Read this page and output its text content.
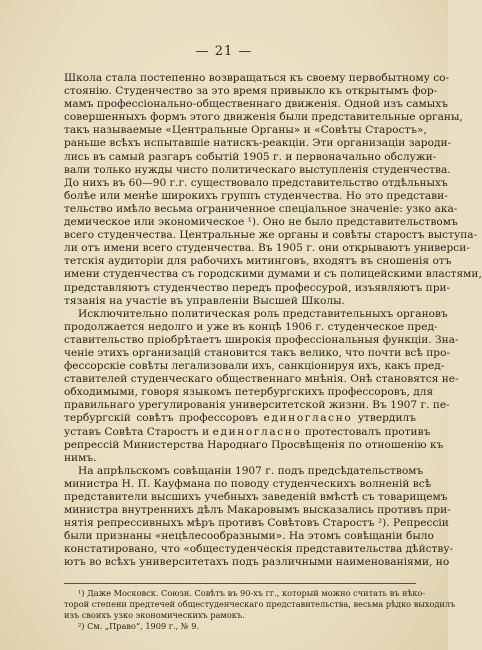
— 21 —
Школа стала постепенно возвращаться къ своему первобытному со-
стоянію. Студенчество за это время привыкло къ открытымъ фор-
мамъ профессіонально-общественнаго движенія. Одной изъ самыхъ
совершенныхъ формъ этого движенія были представительные органы,
такъ называемые «Центральные Органы» и «Совѣты Старостъ»,
раньше всѣхъ испытавшіе натискъ-реакціи. Эти организаціи зароди-
лись въ самый разгаръ событій 1905 г. и первоначально обслужи-
вали только нужды чисто политическаго выступленія студенчества.
До нихъ въ 60—90 г.г. существовало представительство отдѣльныхъ
болѣе или менѣе широкихъ группъ студенчества. Но это представи-
тельство имѣло весьма ограниченное спеціальное значеніе: узко ака-
демическое или экономическое ¹). Оно не было представительствомъ
всего студенчества. Центральные же органы и совѣты старостъ выступа-
ли отъ имени всего студенчества. Въ 1905 г. они открываютъ универси-
тетскія аудиторіи для рабочихъ митинговъ, входятъ въ сношенія отъ
имени студенчества съ городскими думами и съ полицейскими властями,
представляютъ студенчество передъ профессурой, изъявляютъ при-
тязанія на участіе въ управленіи Высшей Школы.
Исключительно политическая роль представительныхъ органовъ
продолжается недолго и уже въ концѣ 1906 г. студенческое пред-
ставительство пріобрѣтаетъ широкія профессіональныя функціи. Зна-
ченіе этихъ организацій становится такъ велико, что почти всѣ про-
фессорскіе совѣты легализовали ихъ, санкціонируя ихъ, какъ пред-
ставителей студенческаго общественнаго мнѣнія. Онѣ становятся не-
обходимыми, говоря языкомъ петербургскихъ профессоровъ, для
правильнаго урегулированія университетской жизни. Въ 1907 г. пе-
тербургскій совѣтъ профессоровъ единогласно утвердилъ
уставъ Совѣта Старостъ и единогласно протестовалъ противъ
репрессій Министерства Народнаго Просвѣщенія по отношенію къ
нимъ.
На апрѣльскомъ совѣщаніи 1907 г. подъ предсѣдательствомъ
министра Н. П. Кауфмана по поводу студенческихъ волненій всѣ
представители высшихъ учебныхъ заведеній вмѣстѣ съ товарищемъ
министра внутреннихъ дѣлъ Макаровымъ высказались противъ при-
нятія репрессивныхъ мѣръ противъ Совѣтовъ Старостъ ²). Репрессіи
были признаны «нецѣлесообразными». На этомъ совѣщаніи было
констатировано, что «общестуденческія представительства дѣйству-
ютъ во всѣхъ университетахъ подъ различными наименованіями, но
¹) Даже Московск. Союзн. Совѣтъ въ 90-хъ гг., который можно считать въ нѣко-
торой степени предтечей общестуденческаго представительства, весьма рѣдко выходилъ
изъ своихъ узко экономическихъ рамокъ.
²) См. „Право“, 1909 г., № 9.
